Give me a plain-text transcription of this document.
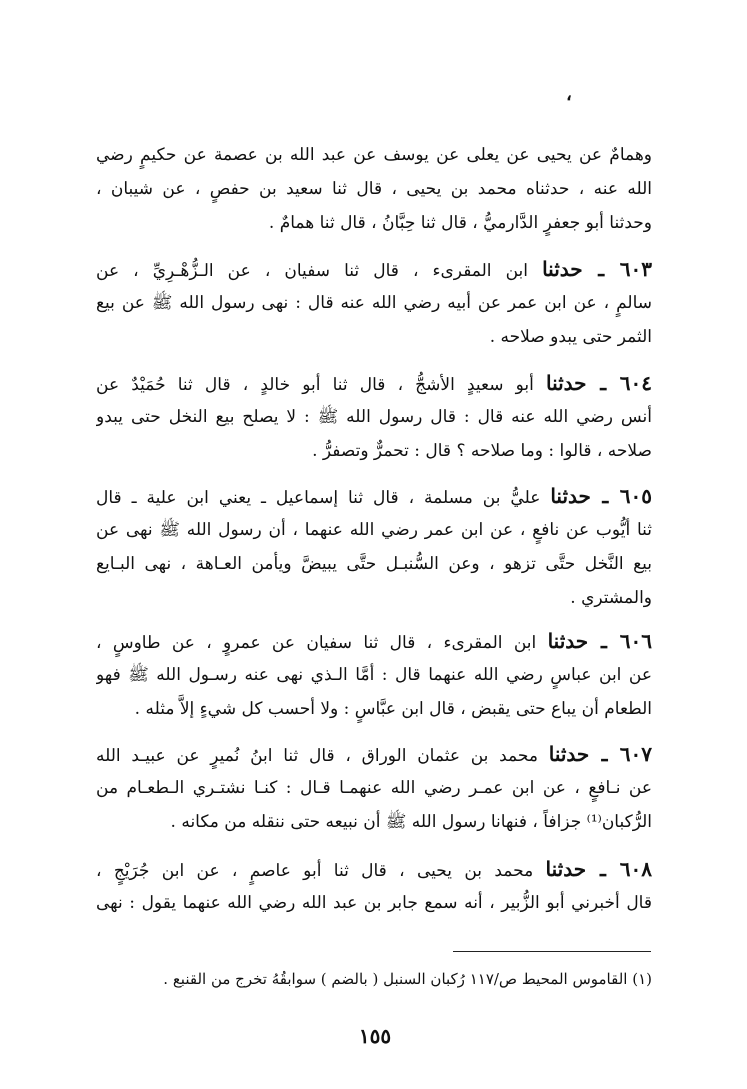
،
وهمامٌ عن يحيى عن يعلى عن يوسف عن عبد الله بن عصمة عن حكيمٍ رضي
الله عنه ، حدثناه محمد بن يحيى ، قال ثنا سعيد بن حفصٍ ، عن شيبان ،
وحدثنا أبو جعفرٍ الدَّارميُّ ، قال ثنا حِبَّانُ ، قال ثنا همامٌ .
٦٠٣ ـ حدثنا ابن المقرىء ، قال ثنا سفيان ، عن الـزُّهْـرِيِّ ، عن
سالمٍ ، عن ابن عمر عن أبيه رضي الله عنه قال : نهى رسول الله ﷺ عن بيع
الثمر حتى يبدو صلاحه .
٦٠٤ ـ حدثنا أبو سعيدٍ الأشجُّ ، قال ثنا أبو خالدٍ ، قال ثنا حُمَيْدٌ عن
أنس رضي الله عنه قال : قال رسول الله ﷺ : لا يصلح بيع النخل حتى يبدو
صلاحه ، قالوا : وما صلاحه ؟ قال : تحمرٌّ وتصفرُّ .
٦٠٥ ـ حدثنا عليُّ بن مسلمة ، قال ثنا إسماعيل ـ يعني ابن علية ـ قال
ثنا أيُّوب عن نافعٍ ، عن ابن عمر رضي الله عنهما ، أن رسول الله ﷺ نهى عن
بيع النَّخل حتَّى تزهو ، وعن السُّنبـل حتَّى يبيضَّ ويأمن العـاهة ، نهى البـايع
والمشتري .
٦٠٦ ـ حدثنا ابن المقرىء ، قال ثنا سفيان عن عمروٍ ، عن طاوسٍ ،
عن ابن عباسٍ رضي الله عنهما قال : أمَّا الـذي نهى عنه رسـول الله ﷺ فهو
الطعام أن يباع حتى يقبض ، قال ابن عبَّاسٍ : ولا أحسب كل شيءٍ إلاَّ مثله .
٦٠٧ ـ حدثنا محمد بن عثمان الوراق ، قال ثنا ابنُ نُميرٍ عن عبيـد الله
عن نـافعٍ ، عن ابن عمـر رضي الله عنهمـا قـال : كنـا نشتـري الـطعـام من
الرُّكبان⁽¹⁾ جزافاً ، فنهانا رسول الله ﷺ أن نبيعه حتى ننقله من مكانه .
٦٠٨ ـ حدثنا محمد بن يحيى ، قال ثنا أبو عاصمٍ ، عن ابن جُرَيْجٍ ،
قال أخبرني أبو الزُّبير ، أنه سمع جابر بن عبد الله رضي الله عنهما يقول : نهى
(١) القاموس المحيط ص/١١٧ رُكبان السنبل ( بالضم ) سوابقُهُ تخرج من القنبع .
١٥٥
